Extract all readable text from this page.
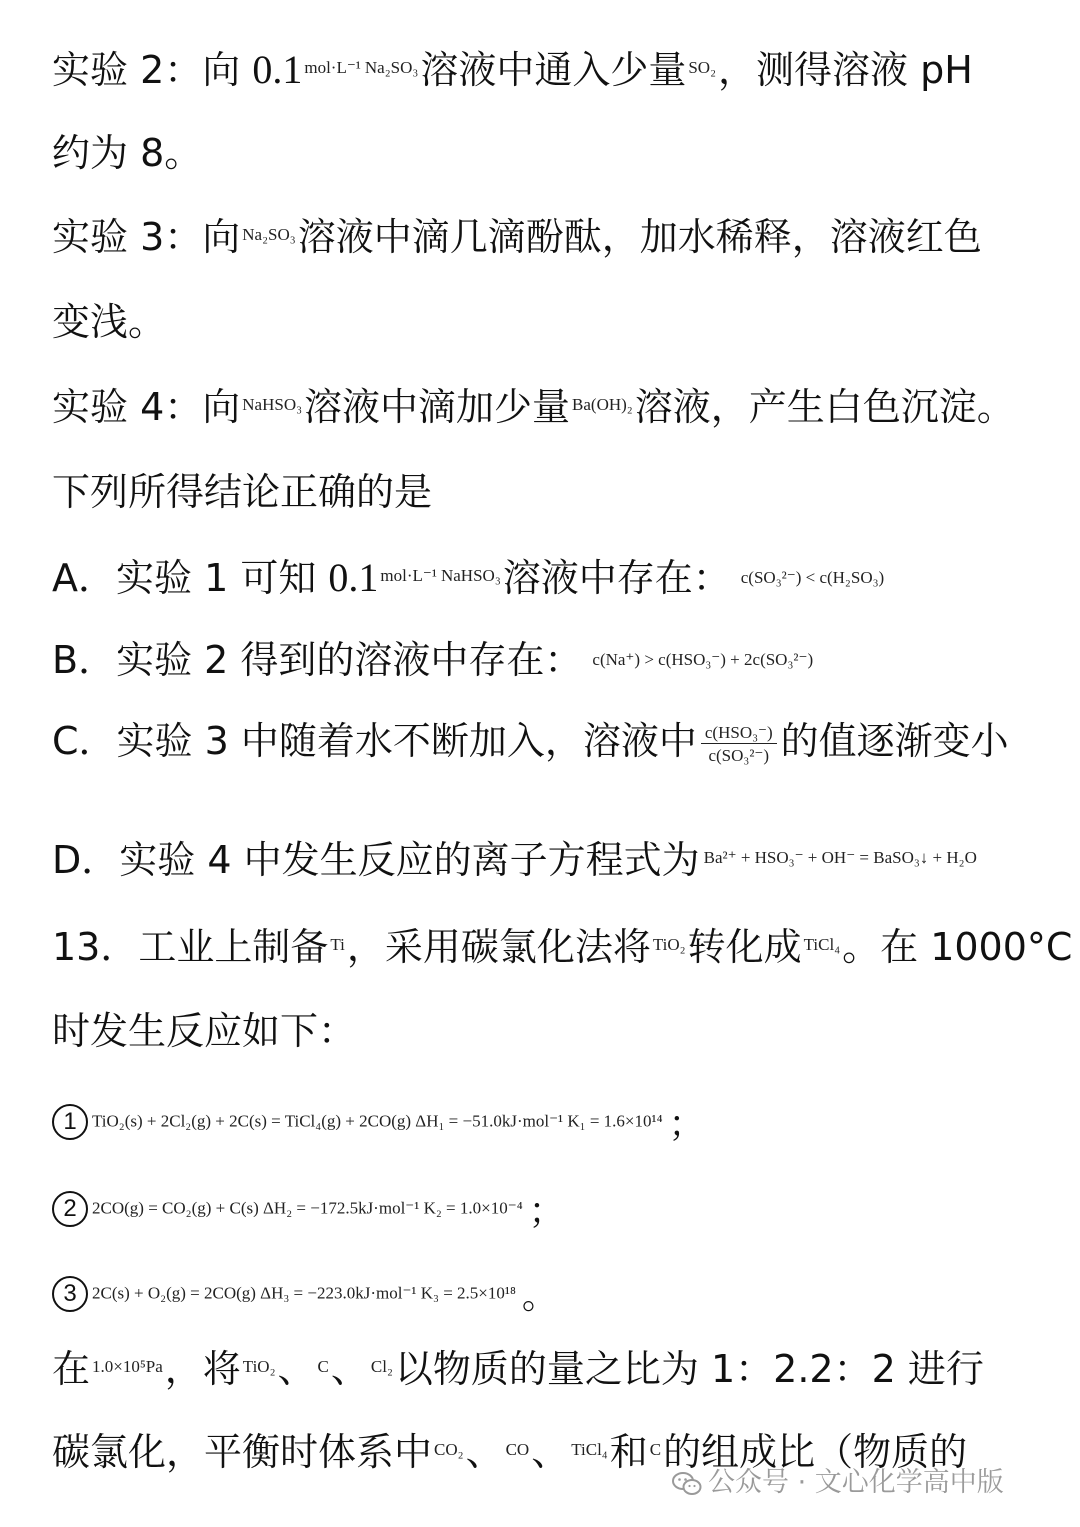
实验 2：向 0.1 $^{mol\cdot L^{-1}}$ $^{Na_2SO_3}$溶液中通入少量 $^{SO_2}$，测得溶液 pH
约为 8。
实验 3：向 $^{Na_2SO_3}$溶液中滴几滴酚酞，加水稀释，溶液红色
变浅。
实验 4：向 $^{NaHSO_3}$溶液中滴加少量 $^{Ba(OH)_2}$溶液，产生白色沉淀。
下列所得结论正确的是
A．实验 1 可知 0.1 $^{mol\cdot L^{-1}}$ $^{NaHSO_3}$溶液中存在： $^{c(SO_3^{2-}) < c(H_2SO_3)}$
B．实验 2 得到的溶液中存在： $^{c(Na^+) > c(HSO_3^-) + 2c(SO_3^{2-})}$
C．实验 3 中随着水不断加入，溶液中 $\frac{\text{c(HSO₃⁻)}}{\text{c(SO₃²⁻)}}$ 的值逐渐变小
D．实验 4 中发生反应的离子方程式为 $^{Ba^{2+} + HSO_3^- + OH^- = BaSO_3↓ + H_2O}$
13．工业上制备 $^{Ti}$，采用碳氯化法将 $^{TiO_2}$转化成 $^{TiCl_4}$。在 1000°C
时发生反应如下：
1 TiO₂(s) + 2Cl₂(g) + 2C(s) = TiCl₄(g) + 2CO(g) ΔH₁ = −51.0kJ·mol⁻¹ K₁ = 1.6×10¹⁴ ；
2 2CO(g) = CO₂(g) + C(s) ΔH₂ = −172.5kJ·mol⁻¹ K₂ = 1.0×10⁻⁴ ；
3 2C(s) + O₂(g) = 2CO(g) ΔH₃ = −223.0kJ·mol⁻¹ K₃ = 2.5×10¹⁸ 。
在 $^{1.0\times 10^5Pa}$，将 $^{TiO_2}$、 $^C$、 $^{Cl_2}$以物质的量之比为 1：2.2：2 进行
碳氯化，平衡时体系中 $^{CO_2}$、 $^{CO}$、 $^{TiCl_4}$和 $^C$的组成比（物质的
公众号 · 文心化学高中版
